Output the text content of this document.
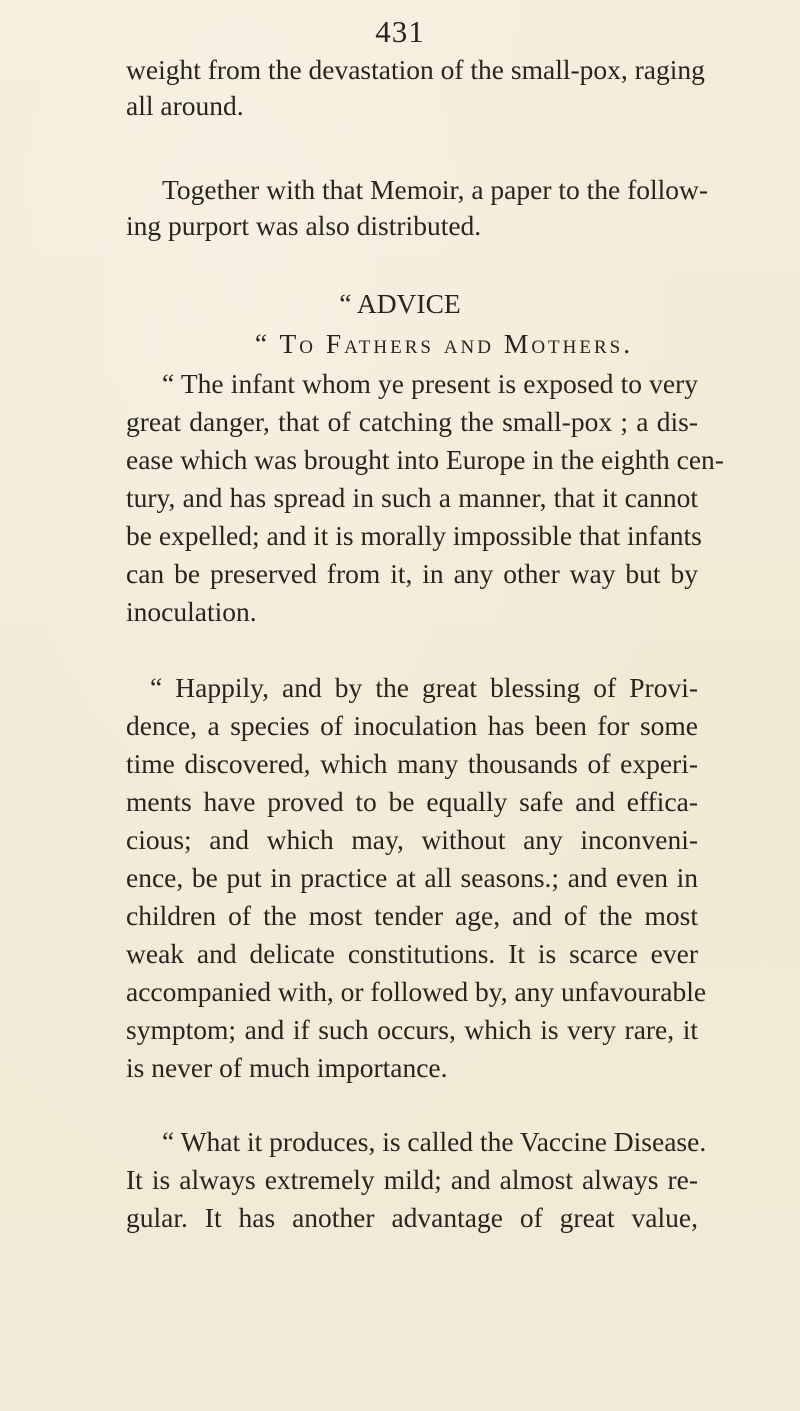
431
weight from the devastation of the small-pox, raging
all around.
Together with that Memoir, a paper to the follow-
ing purport was also distributed.
“ ADVICE
“ To Fathers and Mothers.
“ The infant whom ye present is exposed to very
great danger, that of catching the small-pox ; a dis-
ease which was brought into Europe in the eighth cen-
tury, and has spread in such a manner, that it cannot
be expelled; and it is morally impossible that infants
can be preserved from it, in any other way but by
inoculation.
“ Happily, and by the great blessing of Provi-
dence, a species of inoculation has been for some
time discovered, which many thousands of experi-
ments have proved to be equally safe and effica-
cious; and which may, without any inconveni-
ence, be put in practice at all seasons.; and even in
children of the most tender age, and of the most
weak and delicate constitutions. It is scarce ever
accompanied with, or followed by, any unfavourable
symptom; and if such occurs, which is very rare, it
is never of much importance.
“ What it produces, is called the Vaccine Disease.
It is always extremely mild; and almost always re-
gular. It has another advantage of great value,
